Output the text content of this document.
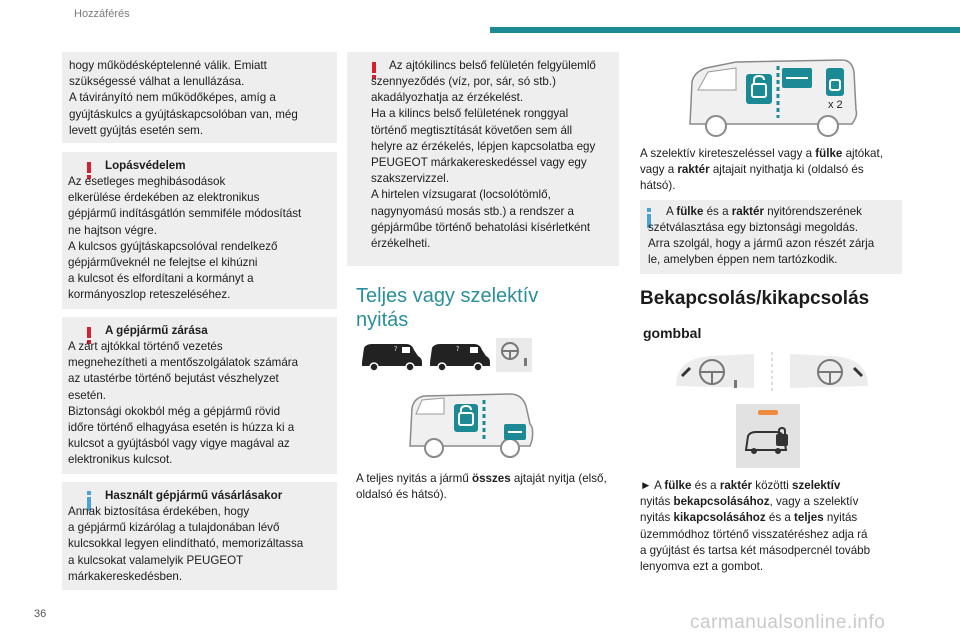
Hozzáférés
hogy működésképtelenné válik. Emiatt
szükségessé válhat a lenullázása.
A távirányító nem működőképes, amíg a
gyújtáskulcs a gyújtáskapcsolóban van, még
levett gyújtás esetén sem.
Lopásvédelem
Az esetleges meghibásodások
elkerülése érdekében az elektronikus
gépjármű indításgátlón semmiféle módosítást
ne hajtson végre.
A kulcsos gyújtáskapcsolóval rendelkező
gépjárműveknél ne felejtse el kihúzni
a kulcsot és elfordítani a kormányt a
kormányoszlop reteszeléséhez.
A gépjármű zárása
A zárt ajtókkal történő vezetés
megnehezítheti a mentőszolgálatok számára
az utastérbe történő bejutást vészhelyzet
esetén.
Biztonsági okokból még a gépjármű rövid
időre történő elhagyása esetén is húzza ki a
kulcsot a gyújtásból vagy vigye magával az
elektronikus kulcsot.
Használt gépjármű vásárlásakor
Annak biztosítása érdekében, hogy
a gépjármű kizárólag a tulajdonában lévő
kulcsokkal legyen elindítható, memorizáltassa
a kulcsokat valamelyik PEUGEOT
márkakereskedésben.
Az ajtókilincs belső felületén felgyülemlő
szennyeződés (víz, por, sár, só stb.)
akadályozhatja az érzékelést.
Ha a kilincs belső felületének ronggyal
történő megtisztítását követően sem áll
helyre az érzékelés, lépjen kapcsolatba egy
PEUGEOT márkakereskedéssel vagy egy
szakszervizzel.
A hirtelen vízsugarat (locsolótömlő,
nagynyomású mosás stb.) a rendszer a
gépjárműbe történő behatolási kísérletként
érzékelheti.
Teljes vagy szelektív
nyitás
7	7
A teljes nyitás a jármű összes ajtaját nyitja (első,
oldalsó és hátsó).
x 2
A szelektív kireteszeléssel vagy a fülke ajtókat,
vagy a raktér ajtajait nyithatja ki (oldalsó és
hátsó).
A fülke és a raktér nyitórendszerének
szétválasztása egy biztonsági megoldás.
Arra szolgál, hogy a jármű azon részét zárja
le, amelyben éppen nem tartózkodik.
Bekapcsolás/kikapcsolás
gombbal
► A fülke és a raktér közötti szelektív
nyitás bekapcsolásához, vagy a szelektív
nyitás kikapcsolásához és a teljes nyitás
üzemmódhoz történő visszatéréshez adja rá
a gyújtást és tartsa két másodpercnél tovább
lenyomva ezt a gombot.
36	carmanualsonline.info
